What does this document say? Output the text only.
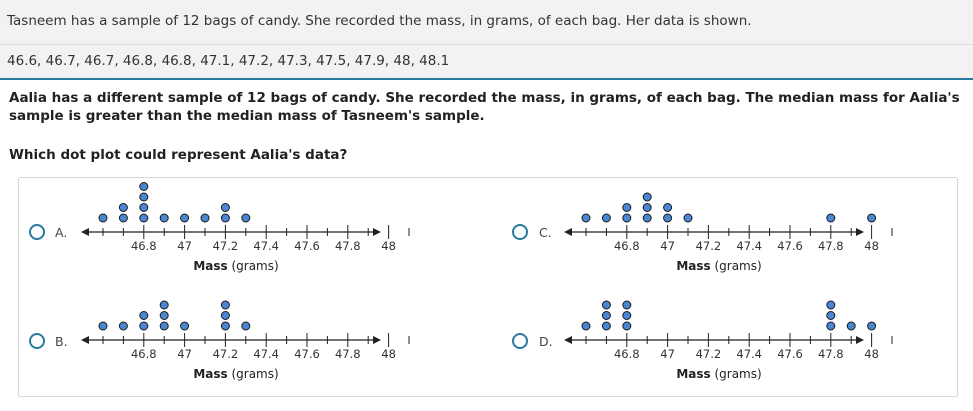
Tasneem has a sample of 12 bags of candy. She recorded the mass, in grams, of each bag. Her data is shown.
46.6, 46.7, 46.7, 46.8, 46.8, 47.1, 47.2, 47.3, 47.5, 47.9, 48, 48.1
Aalia has a different sample of 12 bags of candy. She recorded the mass, in grams, of each bag. The median mass for Aalia's sample is greater than the median mass of Tasneem's sample.
Which dot plot could represent Aalia's data?
A.
46.8 47 47.2 47.4 47.6 47.8 48
Mass (grams)
B.
46.8 47 47.2 47.4 47.6 47.8 48
Mass (grams)
C.
46.8 47 47.2 47.4 47.6 47.8 48
Mass (grams)
D.
46.8 47 47.2 47.4 47.6 47.8 48
Mass (grams)
